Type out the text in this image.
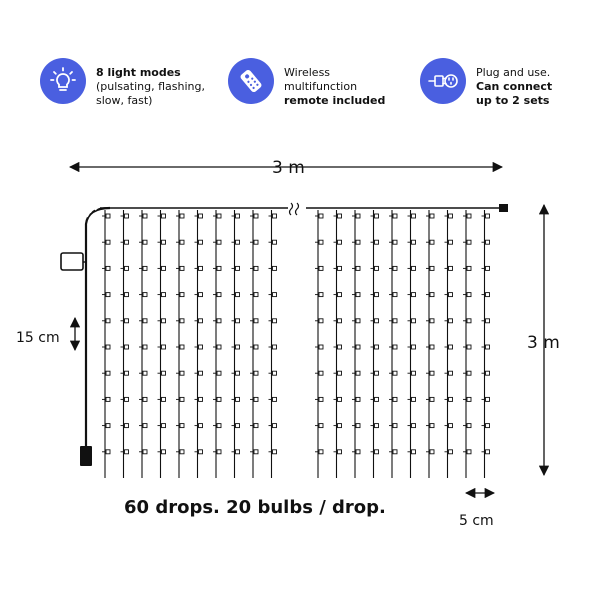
8 light modes
(pulsating, flashing,
slow, fast)
Wireless
multifunction
remote included
Plug and use.
Can connect
up to 2 sets
3 m
3 m
15 cm
5 cm
60 drops. 20 bulbs / drop.
